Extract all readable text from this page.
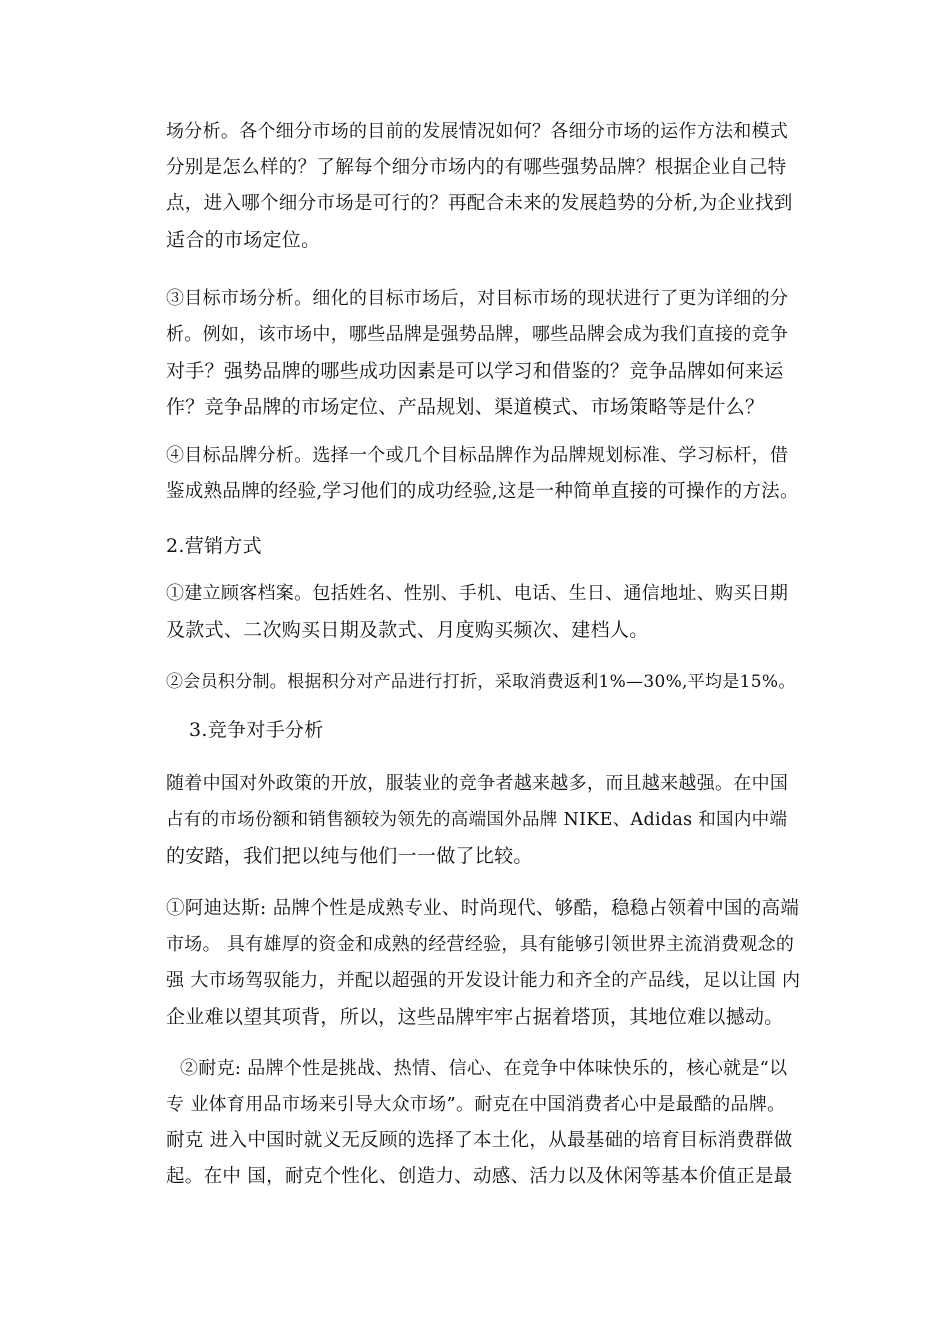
场分析。各个细分市场的目前的发展情况如何？各细分市场的运作方法和模式
分别是怎么样的？了解每个细分市场内的有哪些强势品牌？根据企业自己特
点，进入哪个细分市场是可行的？再配合未来的发展趋势的分析,为企业找到
适合的市场定位。
③目标市场分析。细化的目标市场后，对目标市场的现状进行了更为详细的分
析。例如，该市场中，哪些品牌是强势品牌，哪些品牌会成为我们直接的竞争
对手？强势品牌的哪些成功因素是可以学习和借鉴的？竞争品牌如何来运
作？竞争品牌的市场定位、产品规划、渠道模式、市场策略等是什么？
④目标品牌分析。选择一个或几个目标品牌作为品牌规划标准、学习标杆，借
鉴成熟品牌的经验,学习他们的成功经验,这是一种简单直接的可操作的方法。
2.营销方式
①建立顾客档案。包括姓名、性别、手机、电话、生日、通信地址、购买日期
及款式、二次购买日期及款式、月度购买频次、建档人。
②会员积分制。根据积分对产品进行打折，采取消费返利1%—30%,平均是15%。
3.竞争对手分析
随着中国对外政策的开放，服装业的竞争者越来越多，而且越来越强。在中国
占有的市场份额和销售额较为领先的高端国外品牌 NIKE、Adidas 和国内中端
的安踏，我们把以纯与他们一一做了比较。
①阿迪达斯: 品牌个性是成熟专业、时尚现代、够酷，稳稳占领着中国的高端
市场。 具有雄厚的资金和成熟的经营经验，具有能够引领世界主流消费观念的
强 大市场驾驭能力，并配以超强的开发设计能力和齐全的产品线，足以让国 内
企业难以望其项背，所以，这些品牌牢牢占据着塔顶，其地位难以撼动。
②耐克: 品牌个性是挑战、热情、信心、在竞争中体味快乐的，核心就是“以
专 业体育用品市场来引导大众市场”。耐克在中国消费者心中是最酷的品牌。
耐克 进入中国时就义无反顾的选择了本土化，从最基础的培育目标消费群做
起。在中 国，耐克个性化、创造力、动感、活力以及休闲等基本价值正是最
